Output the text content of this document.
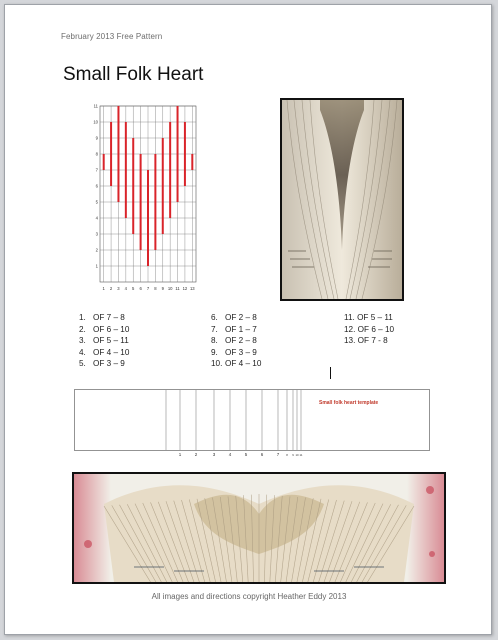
February 2013 Free Pattern
Small Folk Heart
1
2
3
4
5
6
7
8
9
10
11
1 2 3 4 5 6 7 8 9 10 11 12 13
1. OF 7 – 8
2. OF 6 – 10
3. OF 5 – 11
4. OF 4 – 10
5. OF 3 – 9
6. OF 2 – 8
7. OF 1 – 7
8. OF 2 – 8
9. OF 3 – 9
10. OF 4 – 10
11. OF 5 – 11
12. OF 6 – 10
13. OF 7 - 8
1	2	3	4	5	6	7 8 9 10 11
Small folk heart template
All images and directions copyright Heather Eddy 2013
